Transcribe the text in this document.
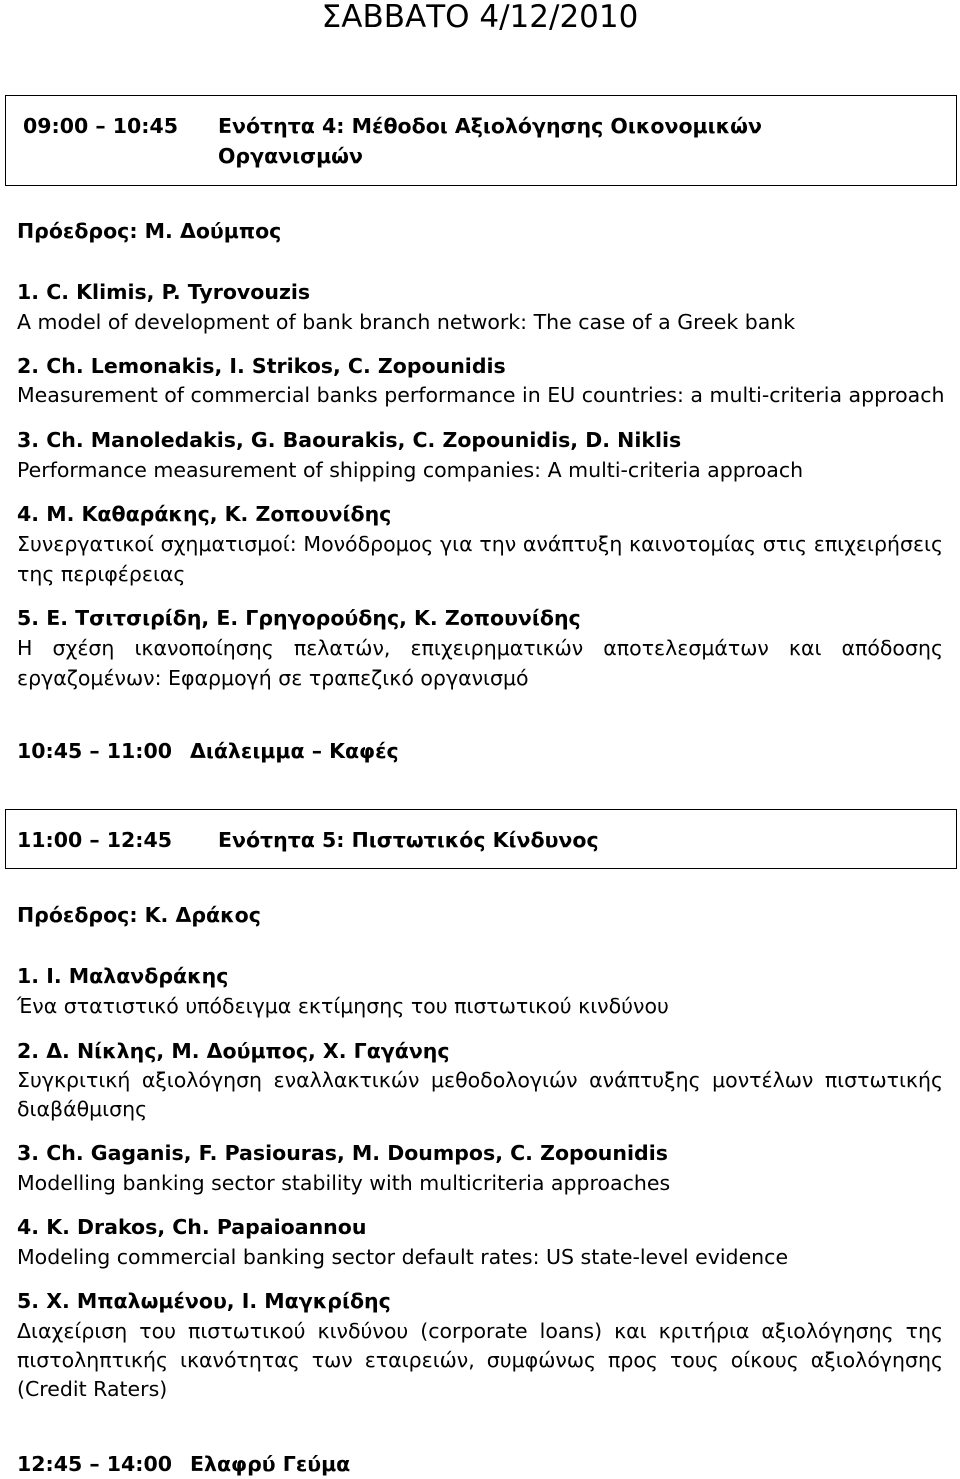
ΣΑΒΒΑΤΟ 4/12/2010
09:00 – 10:45 Ενότητα 4: Μέθοδοι Αξιολόγησης Οικονομικών
Οργανισμών
Πρόεδρος: Μ. Δούμπος
1. C. Klimis, P. Tyrovouzis
A model of development of bank branch network: The case of a Greek bank
2. Ch. Lemonakis, I. Strikos, C. Zopounidis
Measurement of commercial banks performance in EU countries: a multi-criteria approach
3. Ch. Manoledakis, G. Baourakis, C. Zopounidis, D. Niklis
Performance measurement of shipping companies: A multi-criteria approach
4. Μ. Καθαράκης, Κ. Ζοπουνίδης
Συνεργατικοί σχηματισμοί: Μονόδρομος για την ανάπτυξη καινοτομίας στις επιχειρήσεις
της περιφέρειας
5. Ε. Τσιτσιρίδη, Ε. Γρηγορούδης, Κ. Ζοπουνίδης
Η σχέση ικανοποίησης πελατών, επιχειρηματικών αποτελεσμάτων και απόδοσης
εργαζομένων: Εφαρμογή σε τραπεζικό οργανισμό
10:45 – 11:00 Διάλειμμα – Καφές
11:00 – 12:45 Ενότητα 5: Πιστωτικός Κίνδυνος
Πρόεδρος: Κ. Δράκος
1. Ι. Μαλανδράκης
Ένα στατιστικό υπόδειγμα εκτίμησης του πιστωτικού κινδύνου
2. Δ. Νίκλης, Μ. Δούμπος, Χ. Γαγάνης
Συγκριτική αξιολόγηση εναλλακτικών μεθοδολογιών ανάπτυξης μοντέλων πιστωτικής
διαβάθμισης
3. Ch. Gaganis, F. Pasiouras, M. Doumpos, C. Zopounidis
Modelling banking sector stability with multicriteria approaches
4. K. Drakos, Ch. Papaioannou
Modeling commercial banking sector default rates: US state-level evidence
5. Χ. Μπαλωμένου, Ι. Μαγκρίδης
Διαχείριση του πιστωτικού κινδύνου (corporate loans) και κριτήρια αξιολόγησης της
πιστοληπτικής ικανότητας των εταιρειών, συμφώνως προς τους οίκους αξιολόγησης
(Credit Raters)
12:45 – 14:00 Ελαφρύ Γεύμα
